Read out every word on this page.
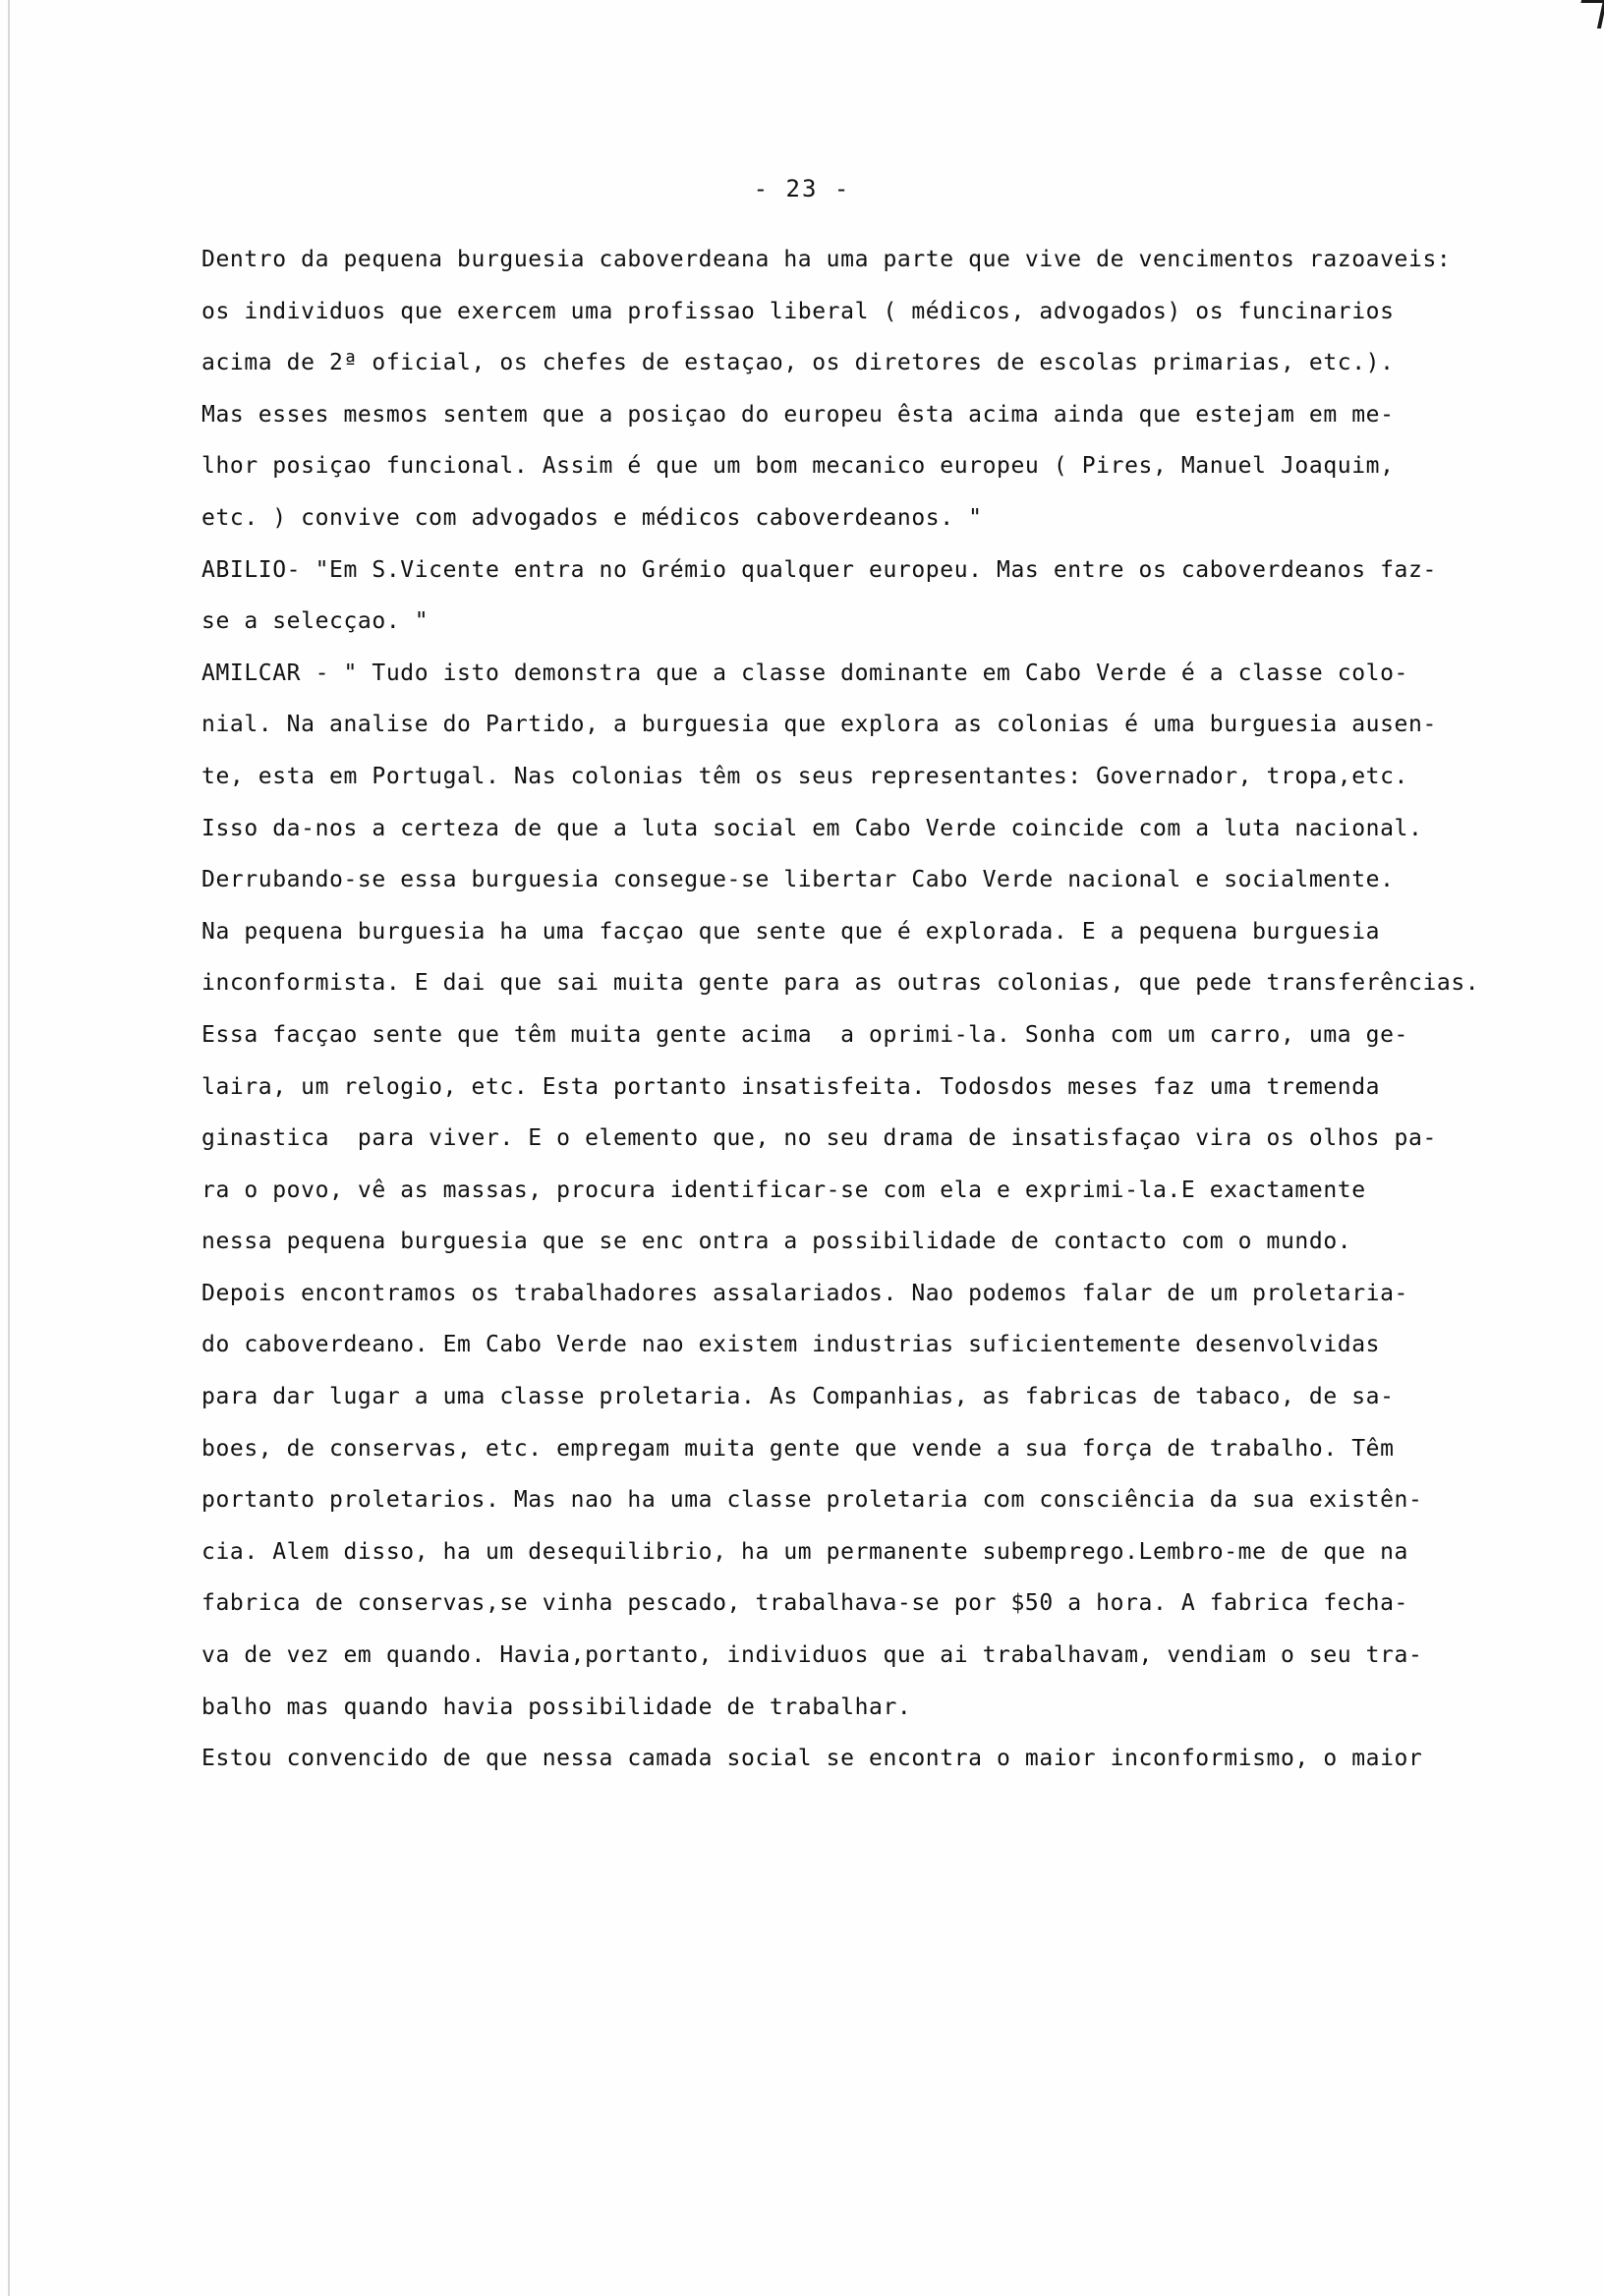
- 23 -
Dentro da pequena burguesia caboverdeana ha uma parte que vive de vencimentos razoaveis:
os individuos que exercem uma profissao liberal ( médicos, advogados) os funcinarios
acima de 2ª oficial, os chefes de estaçao, os diretores de escolas primarias, etc.).
Mas esses mesmos sentem que a posiçao do europeu êsta acima ainda que estejam em me-
lhor posiçao funcional. Assim é que um bom mecanico europeu ( Pires, Manuel Joaquim,
etc. ) convive com advogados e médicos caboverdeanos. "
ABILIO- "Em S.Vicente entra no Grémio qualquer europeu. Mas entre os caboverdeanos faz-
se a selecçao. "
AMILCAR - " Tudo isto demonstra que a classe dominante em Cabo Verde é a classe colo-
nial. Na analise do Partido, a burguesia que explora as colonias é uma burguesia ausen-
te, esta em Portugal. Nas colonias têm os seus representantes: Governador, tropa,etc.
Isso da-nos a certeza de que a luta social em Cabo Verde coincide com a luta nacional.
Derrubando-se essa burguesia consegue-se libertar Cabo Verde nacional e socialmente.
Na pequena burguesia ha uma facçao que sente que é explorada. E a pequena burguesia
inconformista. E dai que sai muita gente para as outras colonias, que pede transferências.
Essa facçao sente que têm muita gente acima  a oprimi-la. Sonha com um carro, uma ge-
laira, um relogio, etc. Esta portanto insatisfeita. Todosdos meses faz uma tremenda
ginastica  para viver. E o elemento que, no seu drama de insatisfaçao vira os olhos pa-
ra o povo, vê as massas, procura identificar-se com ela e exprimi-la.E exactamente
nessa pequena burguesia que se enc ontra a possibilidade de contacto com o mundo.
Depois encontramos os trabalhadores assalariados. Nao podemos falar de um proletaria-
do caboverdeano. Em Cabo Verde nao existem industrias suficientemente desenvolvidas
para dar lugar a uma classe proletaria. As Companhias, as fabricas de tabaco, de sa-
boes, de conservas, etc. empregam muita gente que vende a sua força de trabalho. Têm
portanto proletarios. Mas nao ha uma classe proletaria com consciência da sua existên-
cia. Alem disso, ha um desequilibrio, ha um permanente subemprego.Lembro-me de que na
fabrica de conservas,se vinha pescado, trabalhava-se por $50 a hora. A fabrica fecha-
va de vez em quando. Havia,portanto, individuos que ai trabalhavam, vendiam o seu tra-
balho mas quando havia possibilidade de trabalhar.
Estou convencido de que nessa camada social se encontra o maior inconformismo, o maior
